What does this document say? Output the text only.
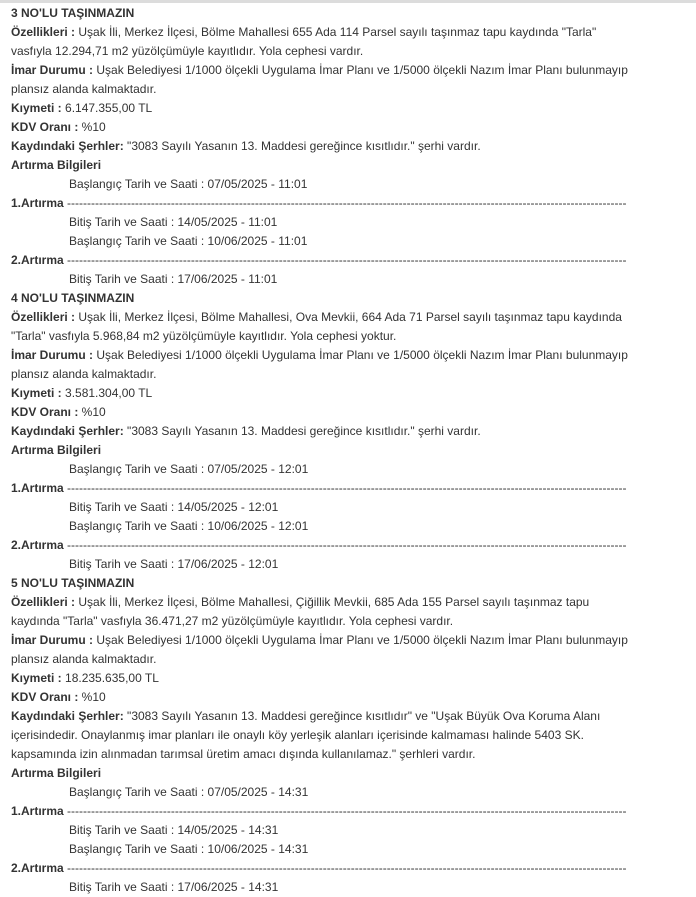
3 NO'LU TAŞINMAZIN
Özellikleri : Uşak İli, Merkez İlçesi, Bölme Mahallesi 655 Ada 114 Parsel sayılı taşınmaz tapu kaydında "Tarla"
vasfıyla 12.294,71 m2 yüzölçümüyle kayıtlıdır. Yola cephesi vardır.
İmar Durumu : Uşak Belediyesi 1/1000 ölçekli Uygulama İmar Planı ve 1/5000 ölçekli Nazım İmar Planı bulunmayıp
plansız alanda kalmaktadır.
Kıymeti : 6.147.355,00 TL
KDV Oranı : %10
Kaydındaki Şerhler: "3083 Sayılı Yasanın 13. Maddesi gereğince kısıtlıdır." şerhi vardır.
Artırma Bilgileri
Başlangıç Tarih ve Saati : 07/05/2025 - 11:01
1.Artırma --------------------------------------------------------------------------------------------------------------------------------------------
Bitiş Tarih ve Saati : 14/05/2025 - 11:01
Başlangıç Tarih ve Saati : 10/06/2025 - 11:01
2.Artırma --------------------------------------------------------------------------------------------------------------------------------------------
Bitiş Tarih ve Saati : 17/06/2025 - 11:01
4 NO'LU TAŞINMAZIN
Özellikleri : Uşak İli, Merkez İlçesi, Bölme Mahallesi, Ova Mevkii, 664 Ada 71 Parsel sayılı taşınmaz tapu kaydında
"Tarla" vasfıyla 5.968,84 m2 yüzölçümüyle kayıtlıdır. Yola cephesi yoktur.
İmar Durumu : Uşak Belediyesi 1/1000 ölçekli Uygulama İmar Planı ve 1/5000 ölçekli Nazım İmar Planı bulunmayıp
plansız alanda kalmaktadır.
Kıymeti : 3.581.304,00 TL
KDV Oranı : %10
Kaydındaki Şerhler: "3083 Sayılı Yasanın 13. Maddesi gereğince kısıtlıdır." şerhi vardır.
Artırma Bilgileri
Başlangıç Tarih ve Saati : 07/05/2025 - 12:01
1.Artırma --------------------------------------------------------------------------------------------------------------------------------------------
Bitiş Tarih ve Saati : 14/05/2025 - 12:01
Başlangıç Tarih ve Saati : 10/06/2025 - 12:01
2.Artırma --------------------------------------------------------------------------------------------------------------------------------------------
Bitiş Tarih ve Saati : 17/06/2025 - 12:01
5 NO'LU TAŞINMAZIN
Özellikleri : Uşak İli, Merkez İlçesi, Bölme Mahallesi, Çiğillik Mevkii, 685 Ada 155 Parsel sayılı taşınmaz tapu
kaydında "Tarla" vasfıyla 36.471,27 m2 yüzölçümüyle kayıtlıdır. Yola cephesi vardır.
İmar Durumu : Uşak Belediyesi 1/1000 ölçekli Uygulama İmar Planı ve 1/5000 ölçekli Nazım İmar Planı bulunmayıp
plansız alanda kalmaktadır.
Kıymeti : 18.235.635,00 TL
KDV Oranı : %10
Kaydındaki Şerhler: "3083 Sayılı Yasanın 13. Maddesi gereğince kısıtlıdır" ve "Uşak Büyük Ova Koruma Alanı
içerisindedir. Onaylanmış imar planları ile onaylı köy yerleşik alanları içerisinde kalmaması halinde 5403 SK.
kapsamında izin alınmadan tarımsal üretim amacı dışında kullanılamaz." şerhleri vardır.
Artırma Bilgileri
Başlangıç Tarih ve Saati : 07/05/2025 - 14:31
1.Artırma --------------------------------------------------------------------------------------------------------------------------------------------
Bitiş Tarih ve Saati : 14/05/2025 - 14:31
Başlangıç Tarih ve Saati : 10/06/2025 - 14:31
2.Artırma --------------------------------------------------------------------------------------------------------------------------------------------
Bitiş Tarih ve Saati : 17/06/2025 - 14:31
